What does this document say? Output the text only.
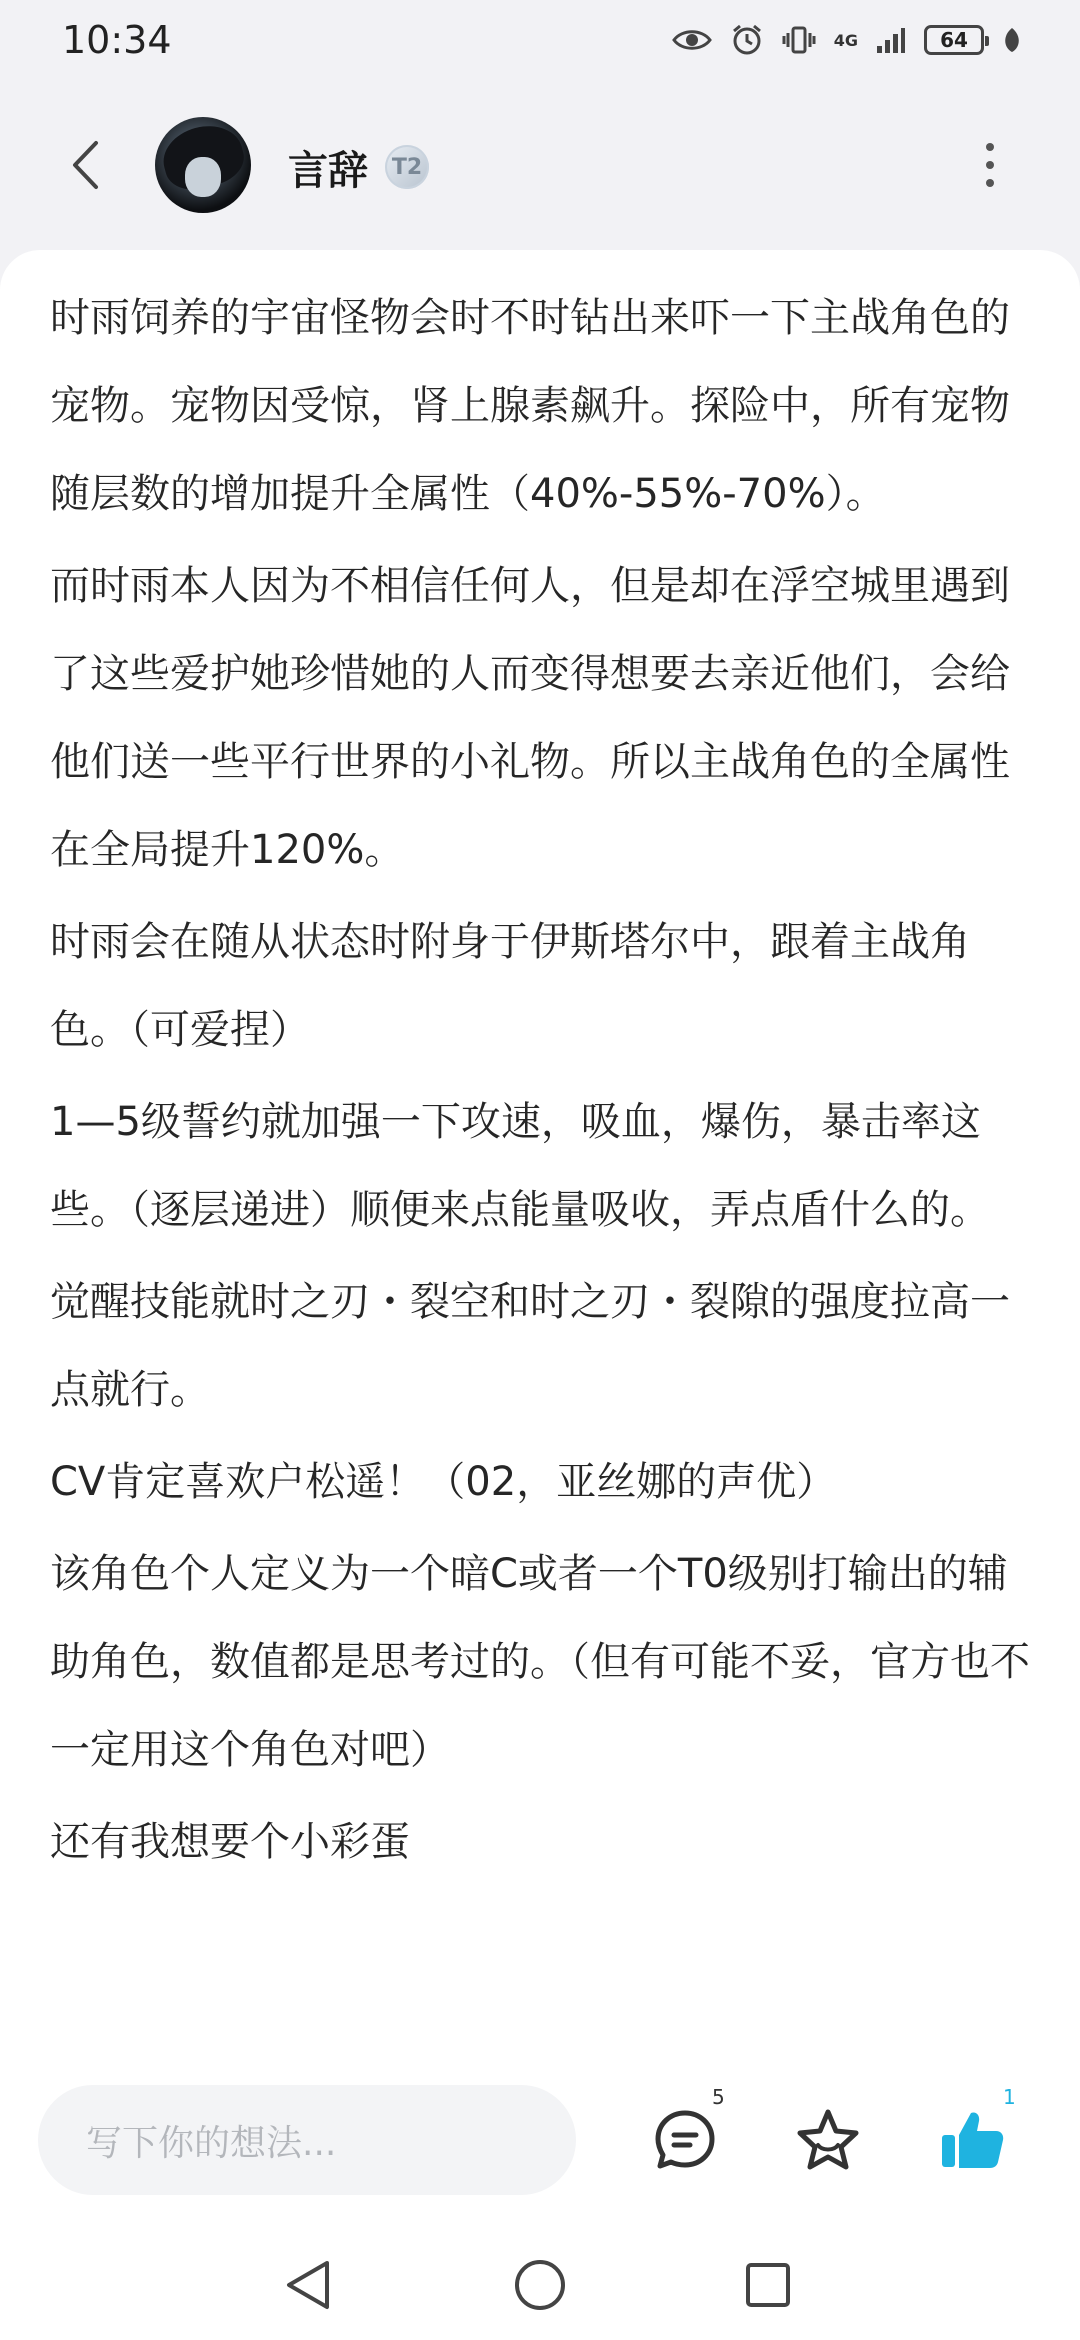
10:34	4G	64
言辞 T2

时雨饲养的宇宙怪物会时不时钻出来吓一下主战角色的宠物。宠物因受惊，肾上腺素飙升。探险中，所有宠物随层数的增加提升全属性（40%-55%-70%）。

而时雨本人因为不相信任何人，但是却在浮空城里遇到了这些爱护她珍惜她的人而变得想要去亲近他们，会给他们送一些平行世界的小礼物。所以主战角色的全属性在全局提升120%。

时雨会在随从状态时附身于伊斯塔尔中，跟着主战角色。（可爱捏）

1—5级誓约就加强一下攻速，吸血，爆伤，暴击率这些。（逐层递进）顺便来点能量吸收，弄点盾什么的。

觉醒技能就时之刃・裂空和时之刃・裂隙的强度拉高一点就行。

CV肯定喜欢户松遥！（02，亚丝娜的声优）

该角色个人定义为一个暗C或者一个T0级别打输出的辅助角色，数值都是思考过的。（但有可能不妥，官方也不一定用这个角色对吧）

还有我想要个小彩蛋

写下你的想法...
5	1
